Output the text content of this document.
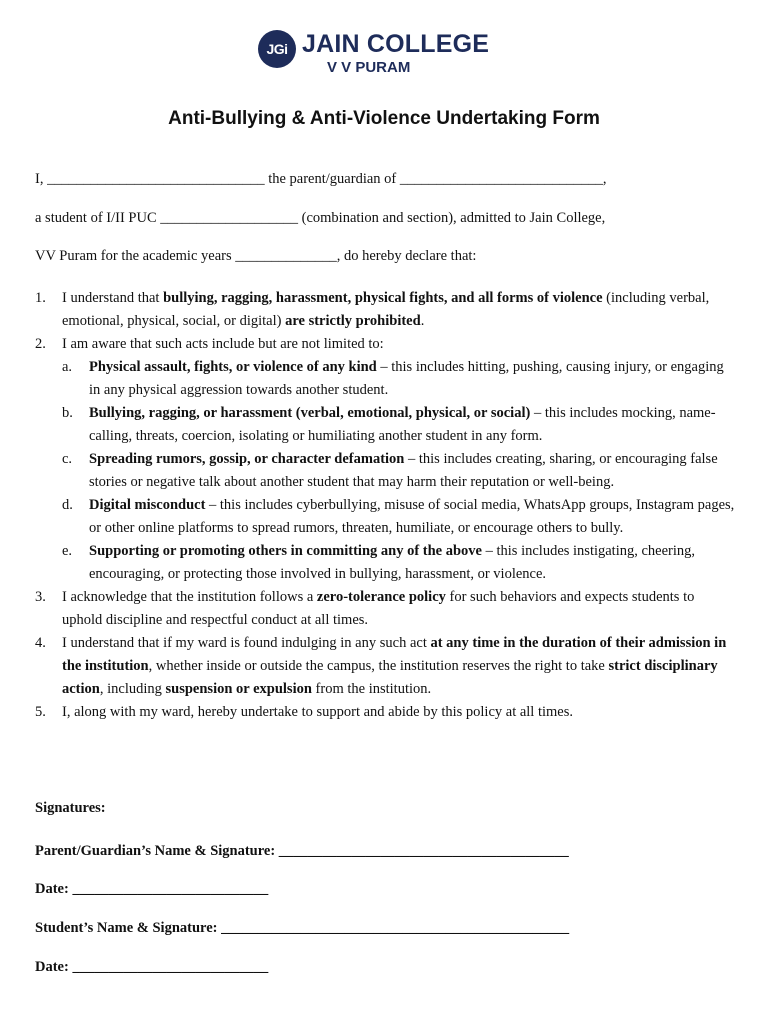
JGi JAIN COLLEGE
V V PURAM
Anti-Bullying & Anti-Violence Undertaking Form
I, ______________________________ the parent/guardian of ____________________________,
a student of I/II PUC ___________________ (combination and section), admitted to Jain College,
VV Puram for the academic years ______________, do hereby declare that:
1. I understand that bullying, ragging, harassment, physical fights, and all forms of violence (including verbal, emotional, physical, social, or digital) are strictly prohibited.
2. I am aware that such acts include but are not limited to:
a. Physical assault, fights, or violence of any kind – this includes hitting, pushing, causing injury, or engaging in any physical aggression towards another student.
b. Bullying, ragging, or harassment (verbal, emotional, physical, or social) – this includes mocking, name-calling, threats, coercion, isolating or humiliating another student in any form.
c. Spreading rumors, gossip, or character defamation – this includes creating, sharing, or encouraging false stories or negative talk about another student that may harm their reputation or well-being.
d. Digital misconduct – this includes cyberbullying, misuse of social media, WhatsApp groups, Instagram pages, or other online platforms to spread rumors, threaten, humiliate, or encourage others to bully.
e. Supporting or promoting others in committing any of the above – this includes instigating, cheering, encouraging, or protecting those involved in bullying, harassment, or violence.
3. I acknowledge that the institution follows a zero-tolerance policy for such behaviors and expects students to uphold discipline and respectful conduct at all times.
4. I understand that if my ward is found indulging in any such act at any time in the duration of their admission in the institution, whether inside or outside the campus, the institution reserves the right to take strict disciplinary action, including suspension or expulsion from the institution.
5. I, along with my ward, hereby undertake to support and abide by this policy at all times.
Signatures:
Parent/Guardian’s Name & Signature: ________________________________________
Date: ___________________________
Student’s Name & Signature: ________________________________________________
Date: ___________________________
